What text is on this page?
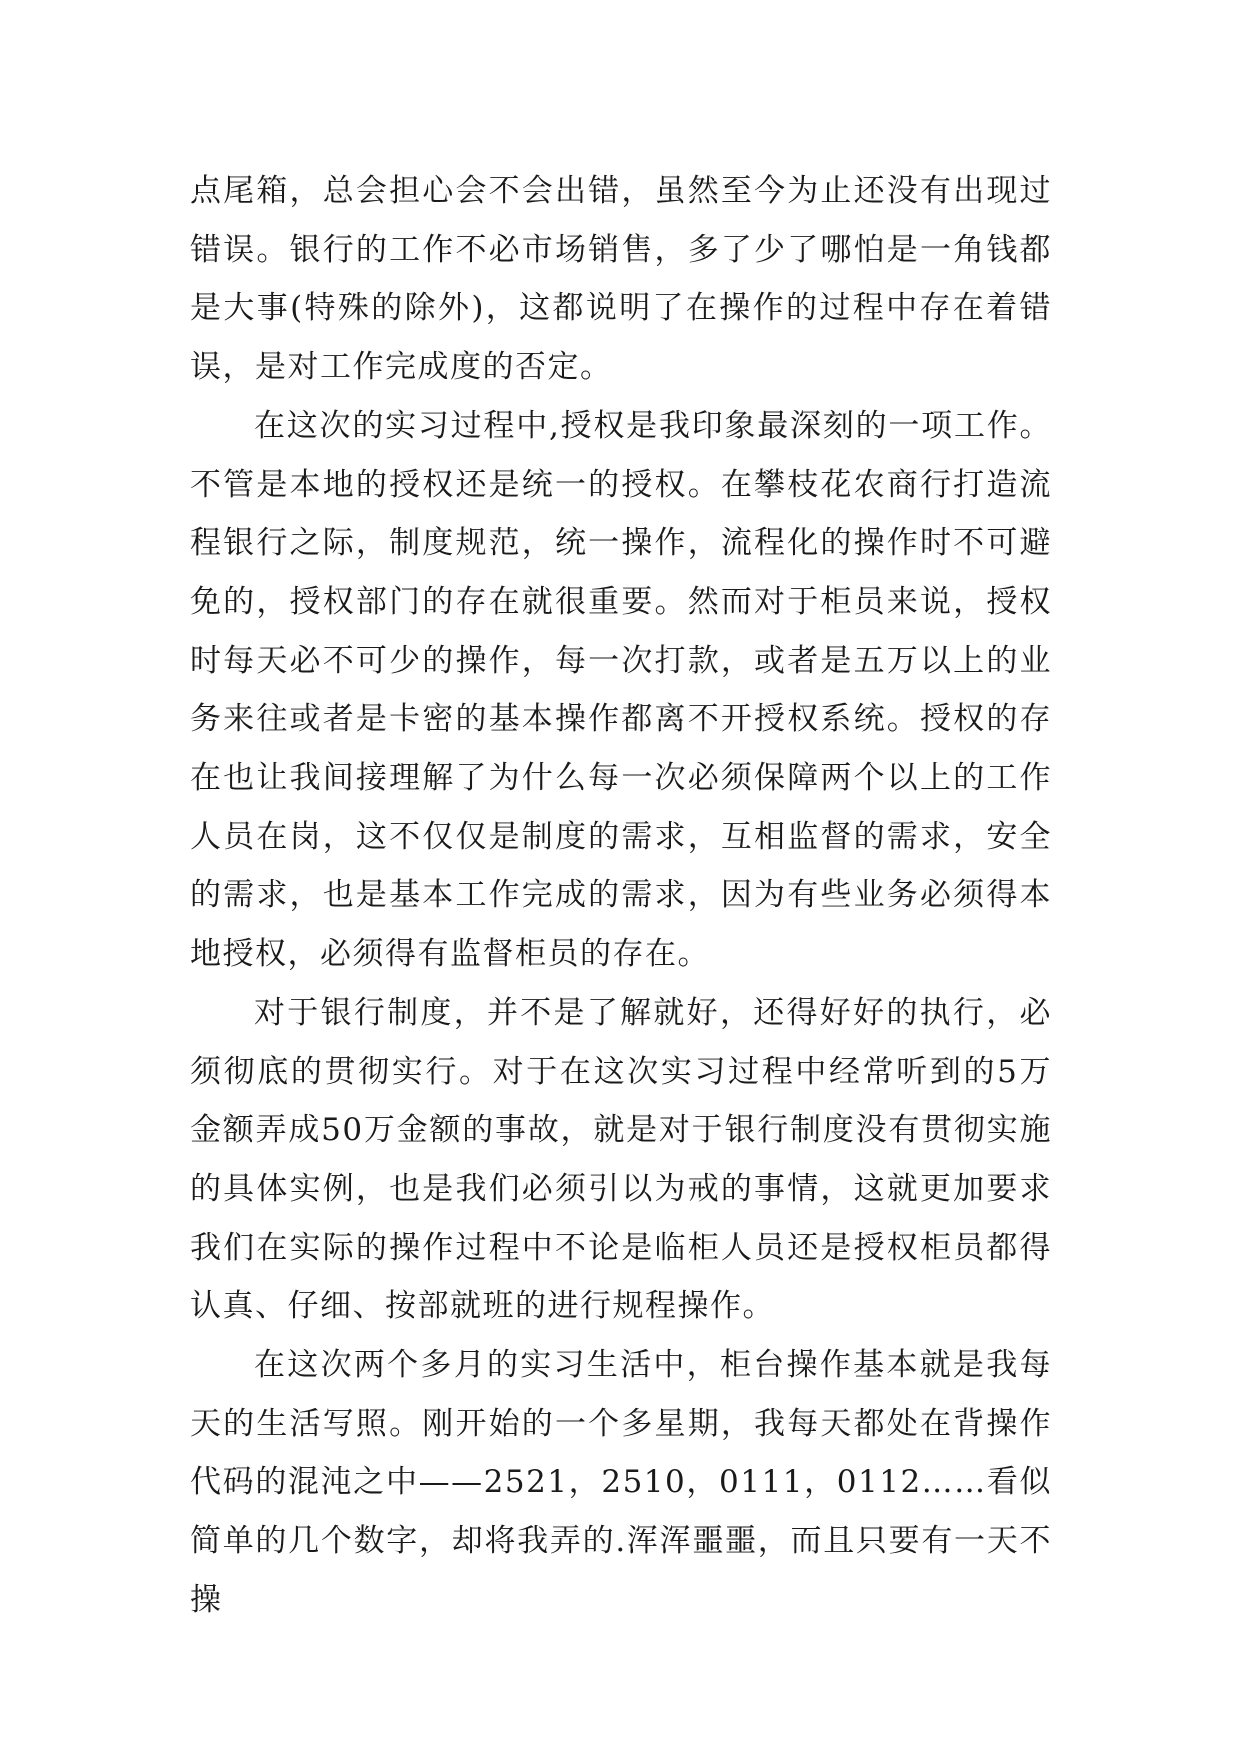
点尾箱，总会担心会不会出错，虽然至今为止还没有出现过错误。银行的工作不必市场销售，多了少了哪怕是一角钱都是大事(特殊的除外)，这都说明了在操作的过程中存在着错误，是对工作完成度的否定。

在这次的实习过程中,授权是我印象最深刻的一项工作。不管是本地的授权还是统一的授权。在攀枝花农商行打造流程银行之际，制度规范，统一操作，流程化的操作时不可避免的，授权部门的存在就很重要。然而对于柜员来说，授权时每天必不可少的操作，每一次打款，或者是五万以上的业务来往或者是卡密的基本操作都离不开授权系统。授权的存在也让我间接理解了为什么每一次必须保障两个以上的工作人员在岗，这不仅仅是制度的需求，互相监督的需求，安全的需求，也是基本工作完成的需求，因为有些业务必须得本地授权，必须得有监督柜员的存在。

对于银行制度，并不是了解就好，还得好好的执行，必须彻底的贯彻实行。对于在这次实习过程中经常听到的5万金额弄成50万金额的事故，就是对于银行制度没有贯彻实施的具体实例，也是我们必须引以为戒的事情，这就更加要求我们在实际的操作过程中不论是临柜人员还是授权柜员都得认真、仔细、按部就班的进行规程操作。

在这次两个多月的实习生活中，柜台操作基本就是我每天的生活写照。刚开始的一个多星期，我每天都处在背操作代码的混沌之中——2521，2510，0111，0112……看似简单的几个数字，却将我弄的.浑浑噩噩，而且只要有一天不操
